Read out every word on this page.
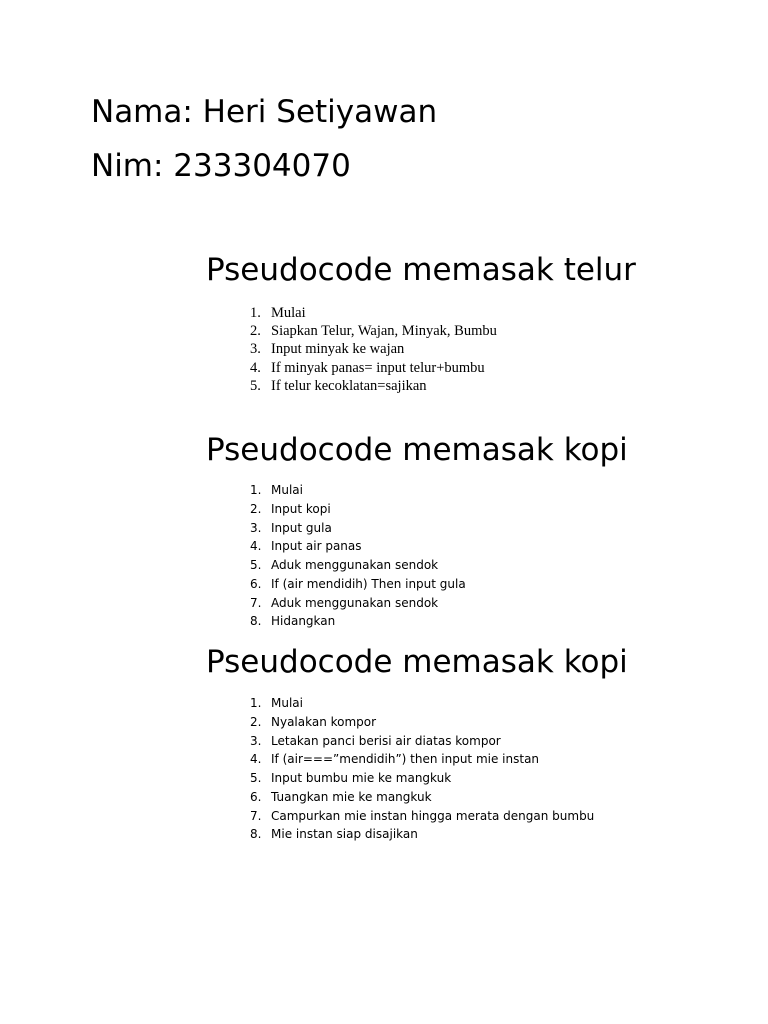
Nama: Heri Setiyawan

Nim: 233304070

Pseudocode memasak telur
1. Mulai
2. Siapkan Telur, Wajan, Minyak, Bumbu
3. Input minyak ke wajan
4. If minyak panas= input telur+bumbu
5. If telur kecoklatan=sajikan
Pseudocode memasak kopi
1. Mulai
2. Input kopi
3. Input gula
4. Input air panas
5. Aduk menggunakan sendok
6. If (air mendidih) Then input gula
7. Aduk menggunakan sendok
8. Hidangkan
Pseudocode memasak kopi
1. Mulai
2. Nyalakan kompor
3. Letakan panci berisi air diatas kompor
4. If (air===”mendidih”) then input mie instan
5. Input bumbu mie ke mangkuk
6. Tuangkan mie ke mangkuk
7. Campurkan mie instan hingga merata dengan bumbu
8. Mie instan siap disajikan
